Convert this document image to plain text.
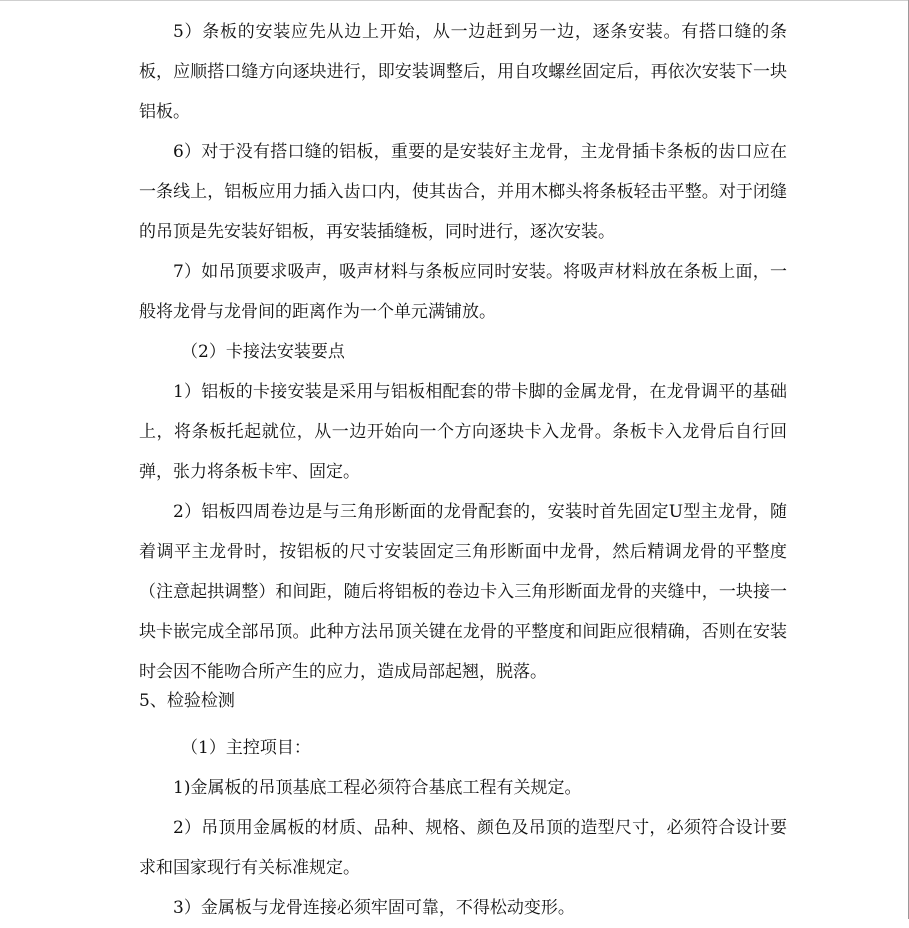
5）条板的安装应先从边上开始，从一边赶到另一边，逐条安装。有搭口缝的条板，应顺搭口缝方向逐块进行，即安装调整后，用自攻螺丝固定后，再依次安装下一块铝板。

6）对于没有搭口缝的铝板，重要的是安装好主龙骨，主龙骨插卡条板的齿口应在一条线上，铝板应用力插入齿口内，使其齿合，并用木榔头将条板轻击平整。对于闭缝的吊顶是先安装好铝板，再安装插缝板，同时进行，逐次安装。

7）如吊顶要求吸声，吸声材料与条板应同时安装。将吸声材料放在条板上面，一般将龙骨与龙骨间的距离作为一个单元满铺放。

（2）卡接法安装要点

1）铝板的卡接安装是采用与铝板相配套的带卡脚的金属龙骨，在龙骨调平的基础上，将条板托起就位，从一边开始向一个方向逐块卡入龙骨。条板卡入龙骨后自行回弹，张力将条板卡牢、固定。

2）铝板四周卷边是与三角形断面的龙骨配套的，安装时首先固定U型主龙骨，随着调平主龙骨时，按铝板的尺寸安装固定三角形断面中龙骨，然后精调龙骨的平整度（注意起拱调整）和间距，随后将铝板的卷边卡入三角形断面龙骨的夹缝中，一块接一块卡嵌完成全部吊顶。此种方法吊顶关键在龙骨的平整度和间距应很精确，否则在安装时会因不能吻合所产生的应力，造成局部起翘，脱落。

5、检验检测

（1）主控项目：

1)金属板的吊顶基底工程必须符合基底工程有关规定。

2）吊顶用金属板的材质、品种、规格、颜色及吊顶的造型尺寸，必须符合设计要求和国家现行有关标准规定。

3）金属板与龙骨连接必须牢固可靠，不得松动变形。
